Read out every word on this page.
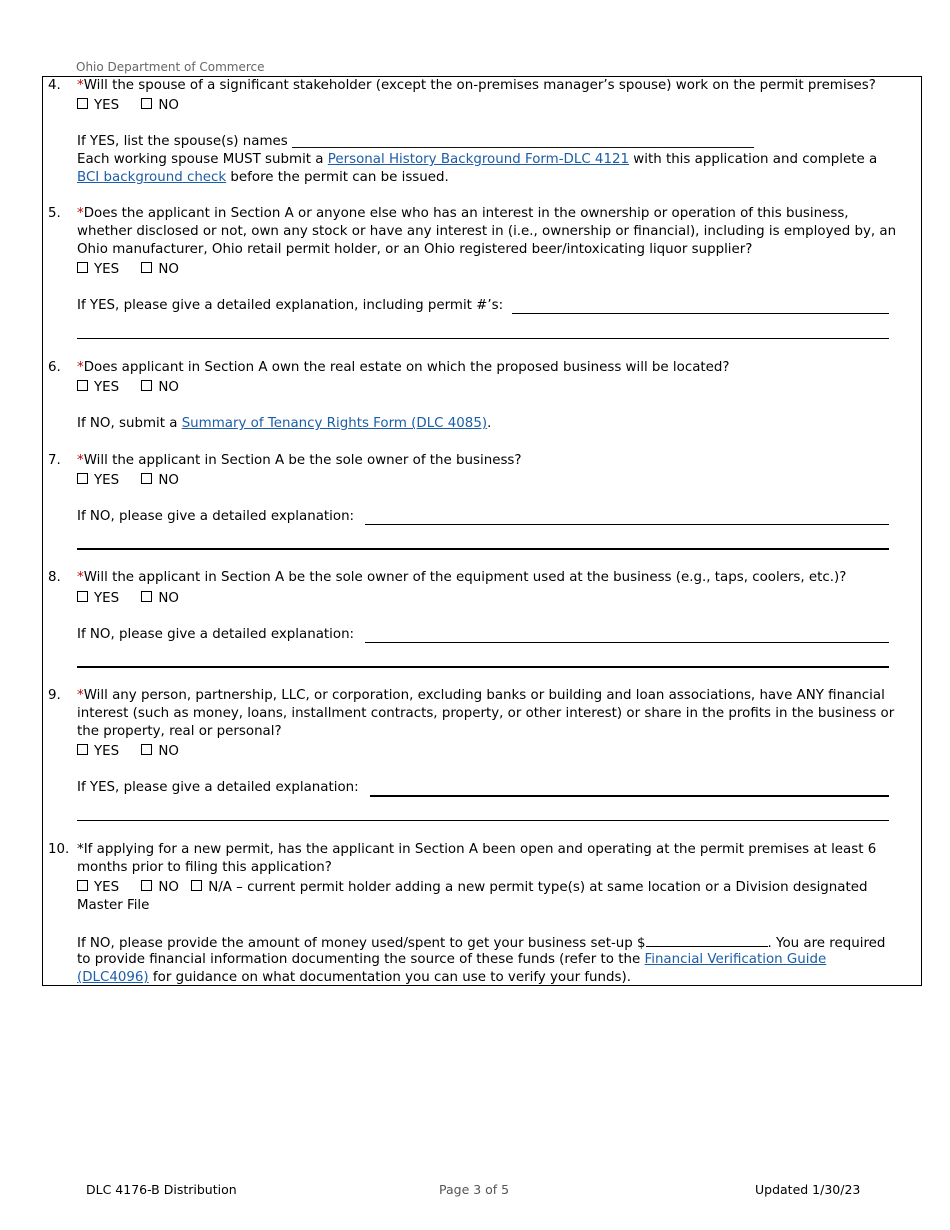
Ohio Department of Commerce
4. *Will the spouse of a significant stakeholder (except the on-premises manager’s spouse) work on the permit premises?
YES	NO
If YES, list the spouse(s) names _____________________________________________________________________
Each working spouse MUST submit a Personal History Background Form-DLC 4121 with this application and complete a
BCI background check before the permit can be issued.
5. *Does the applicant in Section A or anyone else who has an interest in the ownership or operation of this business,
whether disclosed or not, own any stock or have any interest in (i.e., ownership or financial), including is employed by, an
Ohio manufacturer, Ohio retail permit holder, or an Ohio registered beer/intoxicating liquor supplier?
YES	NO
If YES, please give a detailed explanation, including permit #’s:
6. *Does applicant in Section A own the real estate on which the proposed business will be located?
YES	NO
If NO, submit a Summary of Tenancy Rights Form (DLC 4085).
7. *Will the applicant in Section A be the sole owner of the business?
YES	NO
If NO, please give a detailed explanation:
8. *Will the applicant in Section A be the sole owner of the equipment used at the business (e.g., taps, coolers, etc.)?
YES	NO
If NO, please give a detailed explanation:
9. *Will any person, partnership, LLC, or corporation, excluding banks or building and loan associations, have ANY financial
interest (such as money, loans, installment contracts, property, or other interest) or share in the profits in the business or
the property, real or personal?
YES	NO
If YES, please give a detailed explanation:
10. *If applying for a new permit, has the applicant in Section A been open and operating at the permit premises at least 6
months prior to filing this application?
YES	NO N/A – current permit holder adding a new permit type(s) at same location or a Division designated
Master File
If NO, please provide the amount of money used/spent to get your business set-up $	. You are required
to provide financial information documenting the source of these funds (refer to the Financial Verification Guide
(DLC4096) for guidance on what documentation you can use to verify your funds).
DLC 4176-B Distribution	Page 3 of 5	Updated 1/30/23
